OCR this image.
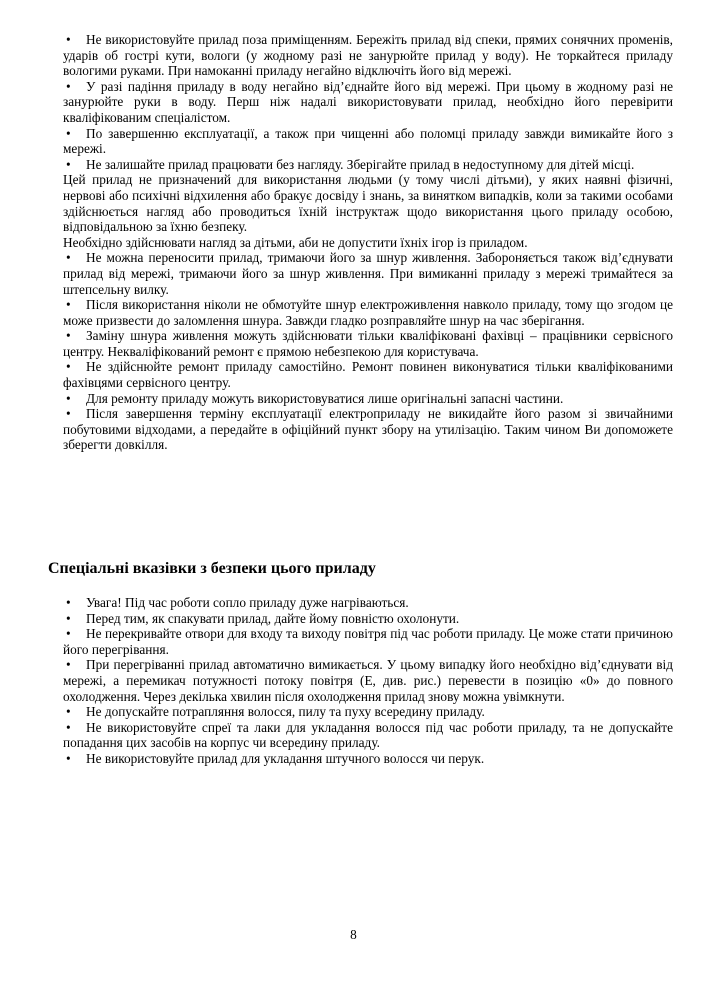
• Не використовуйте прилад поза приміщенням. Бережіть прилад від спеки, прямих сонячних променів, ударів об гострі кути, вологи (у жодному разі не занурюйте прилад у воду). Не торкайтеся приладу вологими руками. При намоканні приладу негайно відключіть його від мережі.

• У разі падіння приладу в воду негайно від’єднайте його від мережі. При цьому в жодному разі не занурюйте руки в воду. Перш ніж надалі використовувати прилад, необхідно його перевірити кваліфікованим спеціалістом.

• По завершенню експлуатації, а також при чищенні або поломці приладу завжди вимикайте його з мережі.

• Не залишайте прилад працювати без нагляду. Зберігайте прилад в недоступному для дітей місці.

Цей прилад не призначений для використання людьми (у тому числі дітьми), у яких наявні фізичні, нервові або психічні відхилення або бракує досвіду і знань, за винятком випадків, коли за такими особами здійснюється нагляд або проводиться їхній інструктаж щодо використання цього приладу особою, відповідальною за їхню безпеку.

Необхідно здійснювати нагляд за дітьми, аби не допустити їхніх ігор із приладом.

• Не можна переносити прилад, тримаючи його за шнур живлення. Забороняється також від’єднувати прилад від мережі, тримаючи його за шнур живлення. При вимиканні приладу з мережі тримайтеся за штепсельну вилку.

• Після використання ніколи не обмотуйте шнур електроживлення навколо приладу, тому що згодом це може призвести до заломлення шнура. Завжди гладко розправляйте шнур на час зберігання.

• Заміну шнура живлення можуть здійснювати тільки кваліфіковані фахівці – працівники сервісного центру. Некваліфікований ремонт є прямою небезпекою для користувача.

• Не здійснюйте ремонт приладу самостійно. Ремонт повинен виконуватися тільки кваліфікованими фахівцями сервісного центру.

• Для ремонту приладу можуть використовуватися лише оригінальні запасні частини.

• Після завершення терміну експлуатації електроприладу не викидайте його разом зі звичайними побутовими відходами, а передайте в офіційний пункт збору на утилізацію. Таким чином Ви допоможете зберегти довкілля.

Спеціальні вказівки з безпеки цього приладу

• Увага! Під час роботи сопло приладу дуже нагріваються.

• Перед тим, як спакувати прилад, дайте йому повністю охолонути.

• Не перекривайте отвори для входу та виходу повітря під час роботи приладу. Це може стати причиною його перегрівання.

• При перегріванні прилад автоматично вимикається. У цьому випадку його необхідно від’єднувати від мережі, а перемикач потужності потоку повітря (Е, див. рис.) перевести в позицію «0» до повного охолодження. Через декілька хвилин після охолодження прилад знову можна увімкнути.

• Не допускайте потрапляння волосся, пилу та пуху всередину приладу.

• Не використовуйте спреї та лаки для укладання волосся під час роботи приладу, та не допускайте попадання цих засобів на корпус чи всередину приладу.

• Не використовуйте прилад для укладання штучного волосся чи перук.

8
